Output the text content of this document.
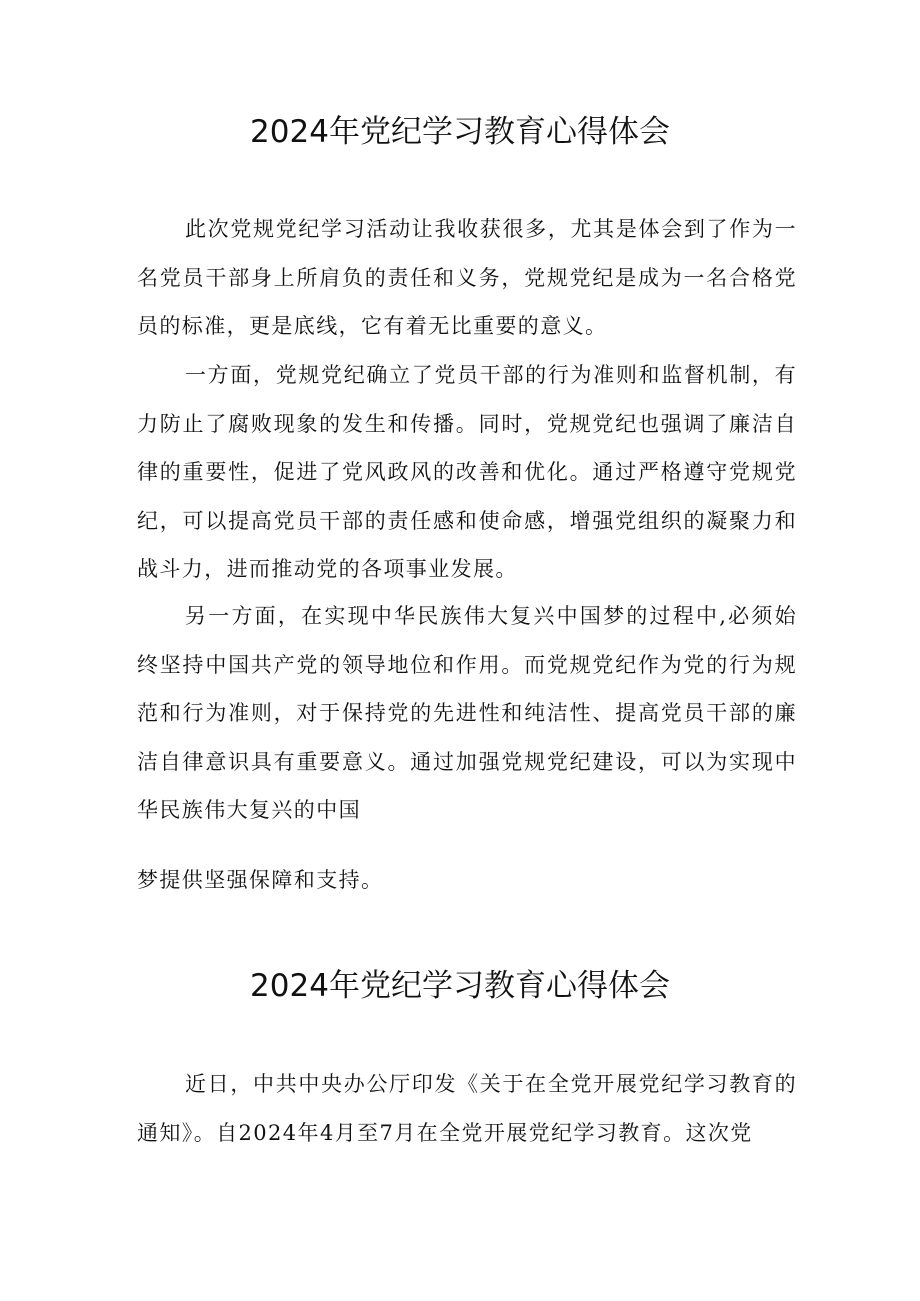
2024年党纪学习教育心得体会

此次党规党纪学习活动让我收获很多，尤其是体会到了作为一名党员干部身上所肩负的责任和义务，党规党纪是成为一名合格党员的标准，更是底线，它有着无比重要的意义。

一方面，党规党纪确立了党员干部的行为准则和监督机制，有力防止了腐败现象的发生和传播。同时，党规党纪也强调了廉洁自律的重要性，促进了党风政风的改善和优化。通过严格遵守党规党纪，可以提高党员干部的责任感和使命感，增强党组织的凝聚力和战斗力，进而推动党的各项事业发展。

另一方面，在实现中华民族伟大复兴中国梦的过程中,必须始终坚持中国共产党的领导地位和作用。而党规党纪作为党的行为规范和行为准则，对于保持党的先进性和纯洁性、提高党员干部的廉洁自律意识具有重要意义。通过加强党规党纪建设，可以为实现中华民族伟大复兴的中国

梦提供坚强保障和支持。

2024年党纪学习教育心得体会

近日，中共中央办公厅印发《关于在全党开展党纪学习教育的通知》。自2024年4月至7月在全党开展党纪学习教育。这次党
